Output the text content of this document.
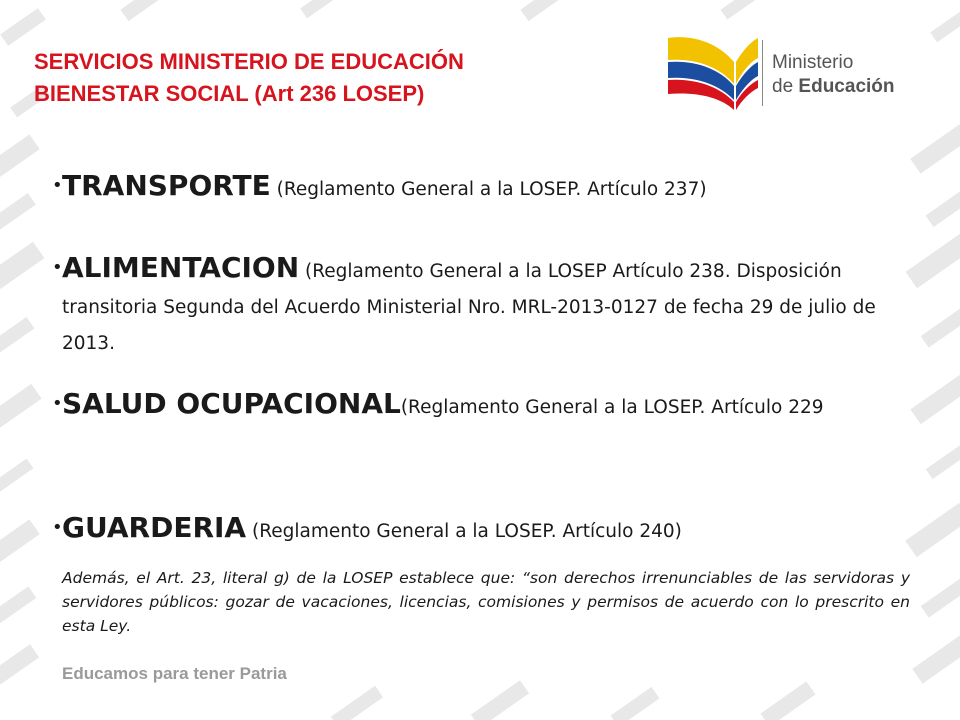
SERVICIOS MINISTERIO DE EDUCACIÓN
BIENESTAR SOCIAL (Art 236 LOSEP)
Ministerio
de Educación
• TRANSPORTE (Reglamento General a la LOSEP. Artículo 237)
• ALIMENTACION (Reglamento General a la LOSEP Artículo 238. Disposición transitoria Segunda del Acuerdo Ministerial Nro. MRL-2013-0127 de fecha 29 de julio de 2013.
• SALUD OCUPACIONAL(Reglamento General a la LOSEP. Artículo 229
• GUARDERIA (Reglamento General a la LOSEP. Artículo 240)
Además, el Art. 23, literal g) de la LOSEP establece que: “son derechos irrenunciables de las servidoras y servidores públicos: gozar de vacaciones, licencias, comisiones y permisos de acuerdo con lo prescrito en esta Ley.
Educamos para tener Patria
